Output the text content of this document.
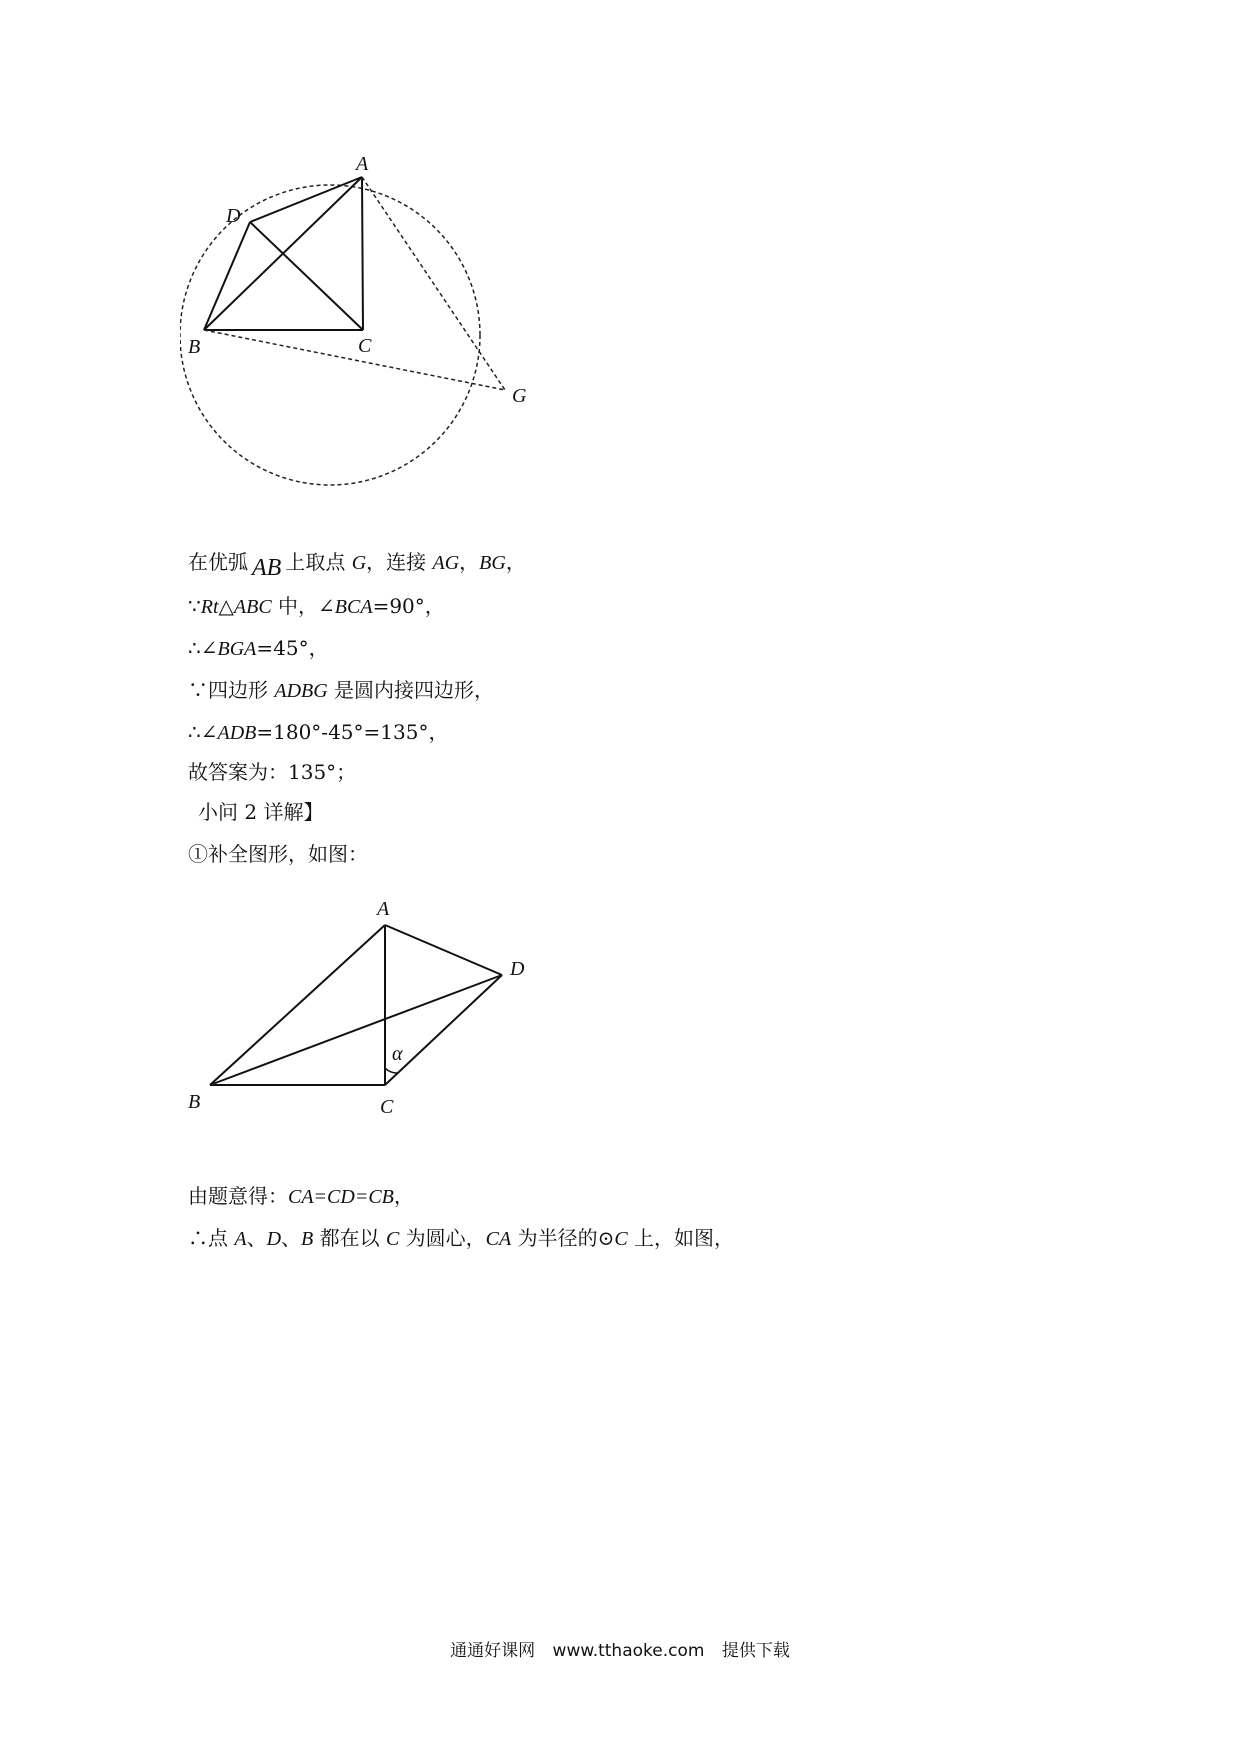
A
D
B	C
G
在优弧 AB 上取点 G，连接 AG，BG，
∵Rt△ABC 中，∠BCA=90°，
∴∠BGA=45°，
∵四边形 ADBG 是圆内接四边形，
∴∠ADB=180°-45°=135°，
故答案为：135°；
小问 2 详解】
①补全图形，如图：
A
D
B	C
α
由题意得：CA=CD=CB，
∴点 A、D、B 都在以 C 为圆心，CA 为半径的⊙C 上，如图，
通通好课网 www.tthaoke.com 提供下载
